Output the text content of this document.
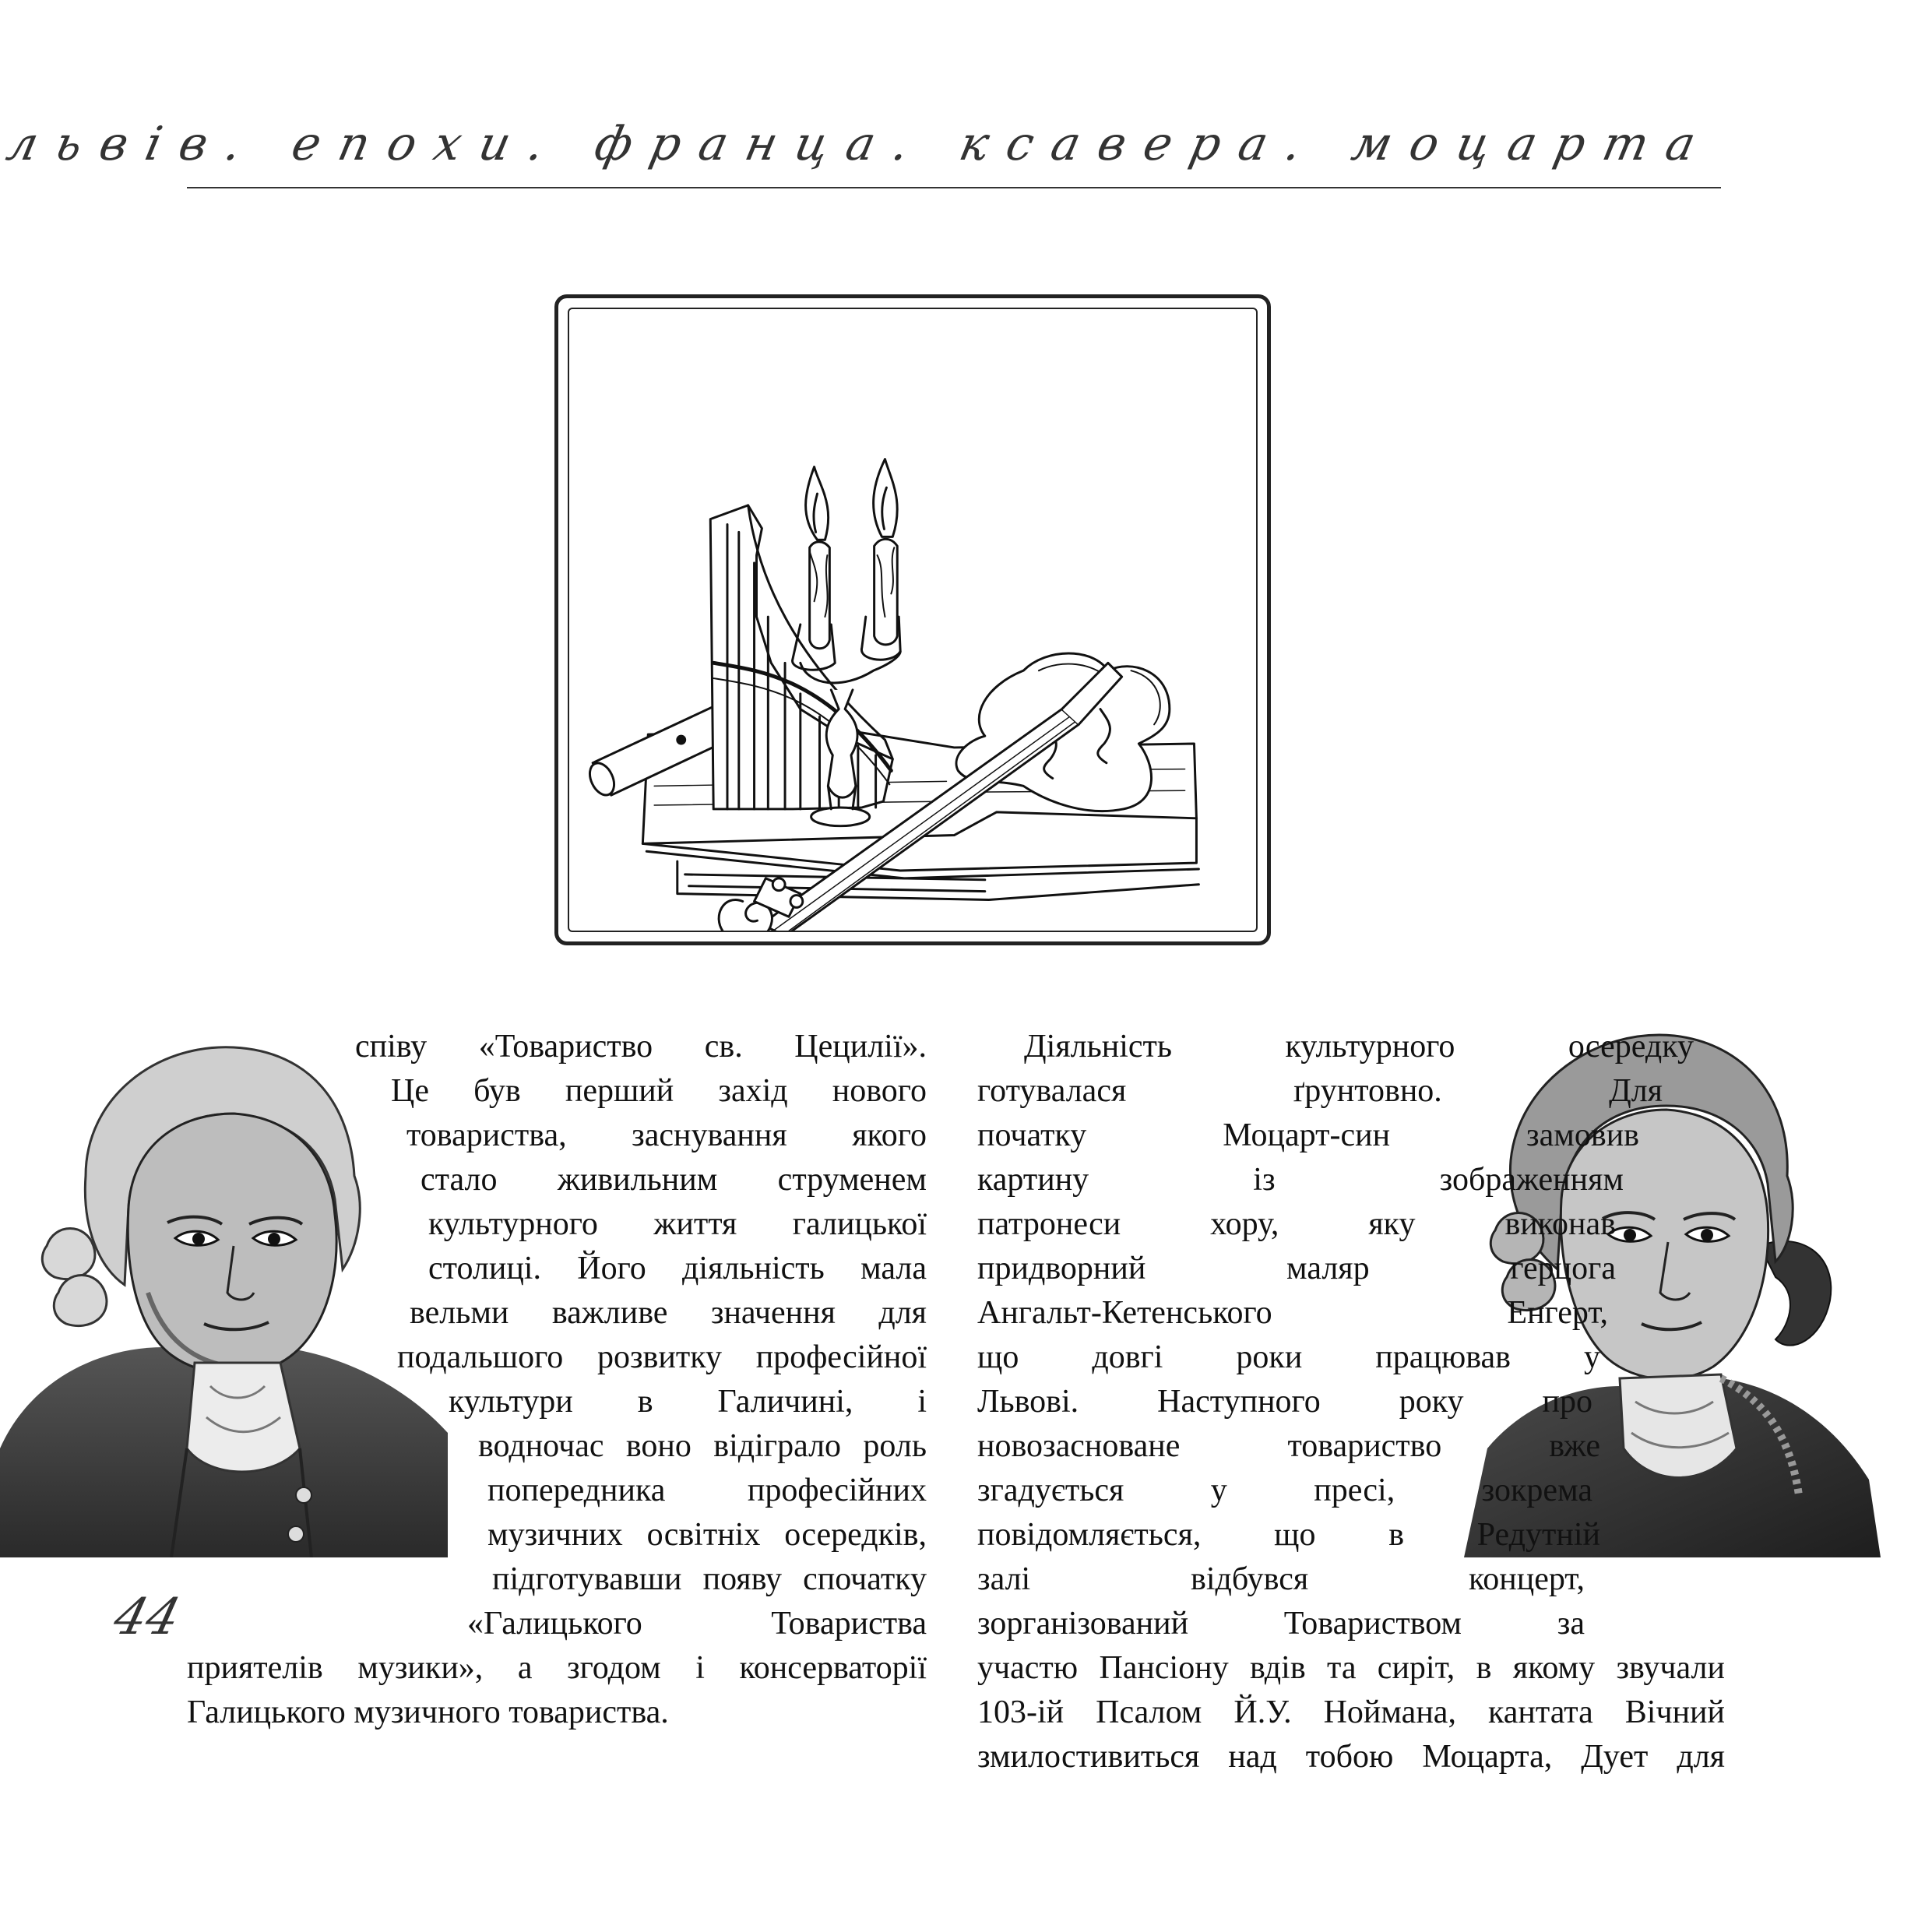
львів. епохи. франца. ксавера. моцарта
співу «Товариство св. Цецилії».
Це був перший захід нового
товариства, заснування якого
стало живильним струменем
культурного життя галицької
столиці. Його діяльність мала
вельми важливе значення для
подальшого розвитку професійної
культури в Галичині, і
водночас воно відіграло роль
попередника професійних
музичних освітніх осередків,
підготувавши появу спочатку
«Галицького Товариства
приятелів музики», а згодом і консерваторії
Галицького музичного товариства.
Діяльність культурного осередку
готувалася ґрунтовно. Для
початку Моцарт-син замовив
картину із зображенням
патронеси хору, яку виконав
придворний маляр герцога
Ангальт-Кетенського Енгерт,
що довгі роки працював у
Львові. Наступного року про
новозасноване товариство вже
згадується у пресі, зокрема
повідомляється, що в Редутній
залі відбувся концерт,
зорганізований Товариством за
участю Пансіону вдів та сиріт, в якому звучали
103-ій Псалом Й.У. Ноймана, кантата Вічний
змилостивиться над тобою Моцарта, Дует для
44
